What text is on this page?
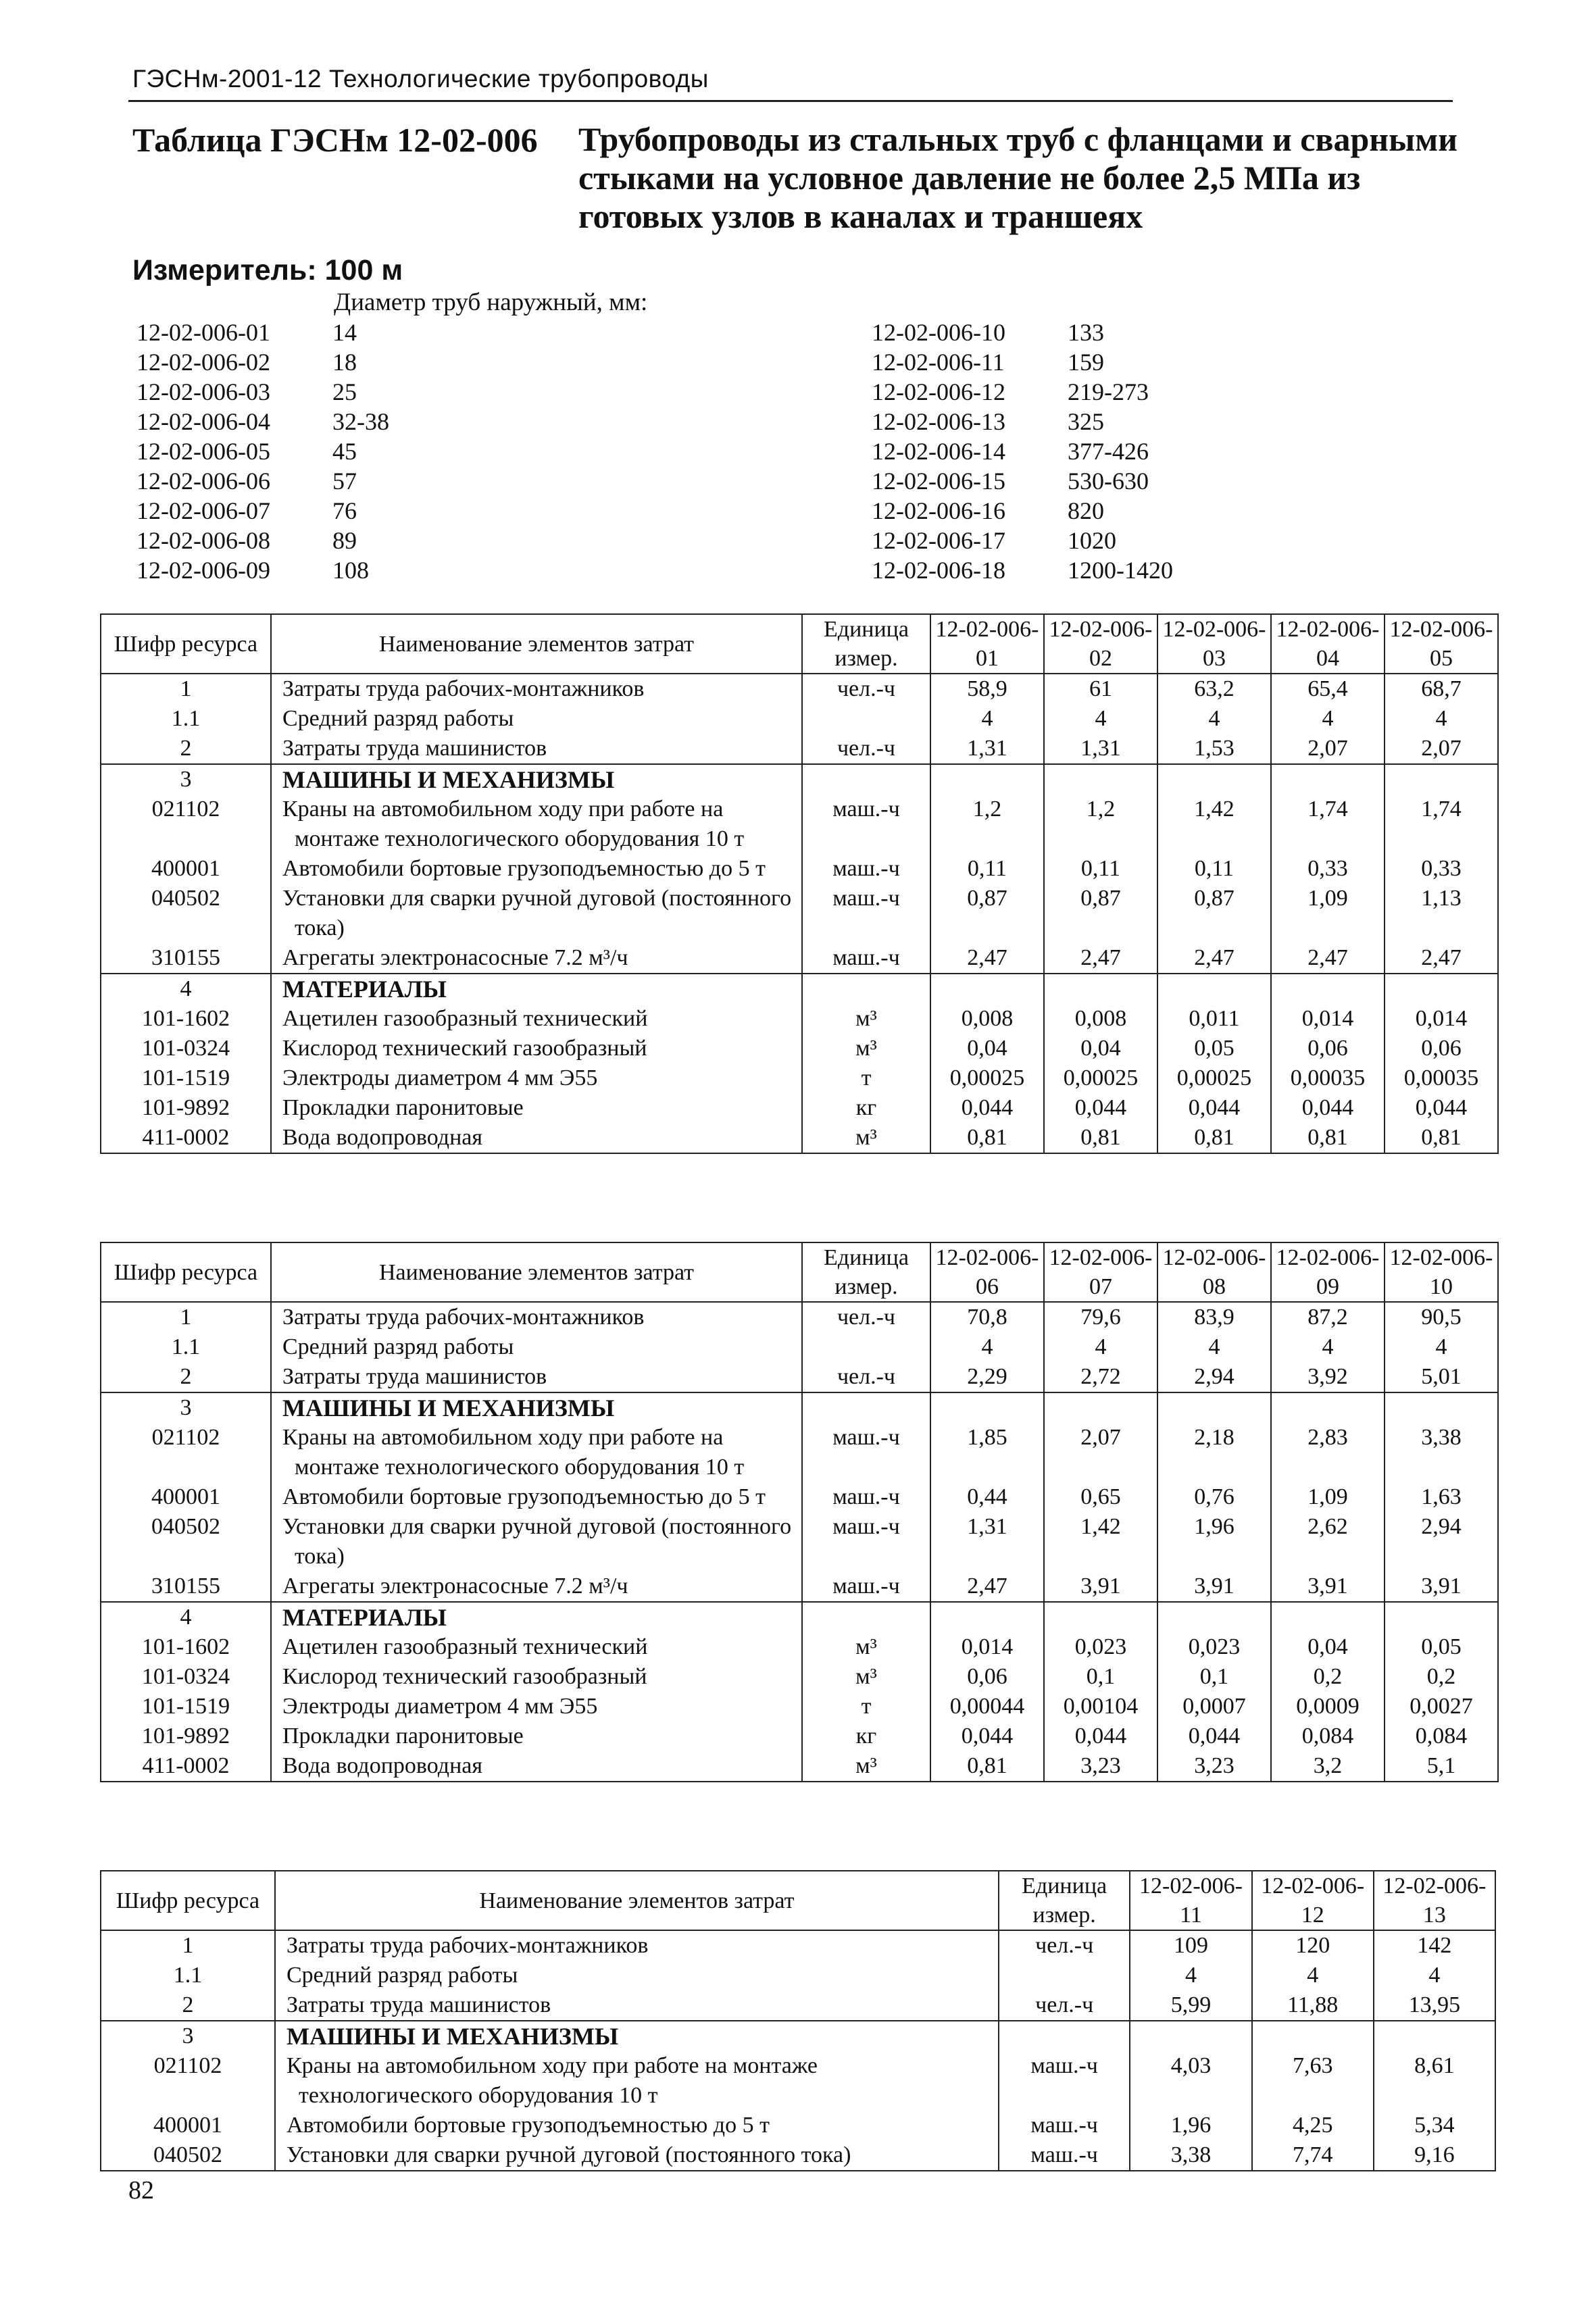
ГЭСНм-2001-12 Технологические трубопроводы
Таблица ГЭСНм 12-02-006 Трубопроводы из стальных труб с фланцами и сварными стыками на условное давление не более 2,5 МПа из готовых узлов в каналах и траншеях
Измеритель: 100 м
Диаметр труб наружный, мм:
12-02-006-01	14
12-02-006-02	18
12-02-006-03	25
12-02-006-04	32-38
12-02-006-05	45
12-02-006-06	57
12-02-006-07	76
12-02-006-08	89
12-02-006-09	108
12-02-006-10	133
12-02-006-11	159
12-02-006-12	219-273
12-02-006-13	325
12-02-006-14	377-426
12-02-006-15	530-630
12-02-006-16	820
12-02-006-17	1020
12-02-006-18	1200-1420
Шифр ресурса	Наименование элементов затрат	Единица измер.	12-02-006-01	12-02-006-02	12-02-006-03	12-02-006-04	12-02-006-05
1	Затраты труда рабочих-монтажников	чел.-ч	58,9	61	63,2	65,4	68,7
1.1	Средний разряд работы		4	4	4	4	4
2	Затраты труда машинистов	чел.-ч	1,31	1,31	1,53	2,07	2,07
3	МАШИНЫ И МЕХАНИЗМЫ						
021102	Краны на автомобильном ходу при работе на монтаже технологического оборудования 10 т	маш.-ч	1,2	1,2	1,42	1,74	1,74
400001	Автомобили бортовые грузоподъемностью до 5 т	маш.-ч	0,11	0,11	0,11	0,33	0,33
040502	Установки для сварки ручной дуговой (постоянного тока)	маш.-ч	0,87	0,87	0,87	1,09	1,13
310155	Агрегаты электронасосные 7.2 м³/ч	маш.-ч	2,47	2,47	2,47	2,47	2,47
4	МАТЕРИАЛЫ						
101-1602	Ацетилен газообразный технический	м³	0,008	0,008	0,011	0,014	0,014
101-0324	Кислород технический газообразный	м³	0,04	0,04	0,05	0,06	0,06
101-1519	Электроды диаметром 4 мм Э55	т	0,00025	0,00025	0,00025	0,00035	0,00035
101-9892	Прокладки паронитовые	кг	0,044	0,044	0,044	0,044	0,044
411-0002	Вода водопроводная	м³	0,81	0,81	0,81	0,81	0,81
Шифр ресурса	Наименование элементов затрат	Единица измер.	12-02-006-06	12-02-006-07	12-02-006-08	12-02-006-09	12-02-006-10
1	Затраты труда рабочих-монтажников	чел.-ч	70,8	79,6	83,9	87,2	90,5
1.1	Средний разряд работы		4	4	4	4	4
2	Затраты труда машинистов	чел.-ч	2,29	2,72	2,94	3,92	5,01
3	МАШИНЫ И МЕХАНИЗМЫ						
021102	Краны на автомобильном ходу при работе на монтаже технологического оборудования 10 т	маш.-ч	1,85	2,07	2,18	2,83	3,38
400001	Автомобили бортовые грузоподъемностью до 5 т	маш.-ч	0,44	0,65	0,76	1,09	1,63
040502	Установки для сварки ручной дуговой (постоянного тока)	маш.-ч	1,31	1,42	1,96	2,62	2,94
310155	Агрегаты электронасосные 7.2 м³/ч	маш.-ч	2,47	3,91	3,91	3,91	3,91
4	МАТЕРИАЛЫ						
101-1602	Ацетилен газообразный технический	м³	0,014	0,023	0,023	0,04	0,05
101-0324	Кислород технический газообразный	м³	0,06	0,1	0,1	0,2	0,2
101-1519	Электроды диаметром 4 мм Э55	т	0,00044	0,00104	0,0007	0,0009	0,0027
101-9892	Прокладки паронитовые	кг	0,044	0,044	0,044	0,084	0,084
411-0002	Вода водопроводная	м³	0,81	3,23	3,23	3,2	5,1
Шифр ресурса	Наименование элементов затрат	Единица измер.	12-02-006-11	12-02-006-12	12-02-006-13
1	Затраты труда рабочих-монтажников	чел.-ч	109	120	142
1.1	Средний разряд работы		4	4	4
2	Затраты труда машинистов	чел.-ч	5,99	11,88	13,95
3	МАШИНЫ И МЕХАНИЗМЫ				
021102	Краны на автомобильном ходу при работе на монтаже технологического оборудования 10 т	маш.-ч	4,03	7,63	8,61
400001	Автомобили бортовые грузоподъемностью до 5 т	маш.-ч	1,96	4,25	5,34
040502	Установки для сварки ручной дуговой (постоянного тока)	маш.-ч	3,38	7,74	9,16
82
